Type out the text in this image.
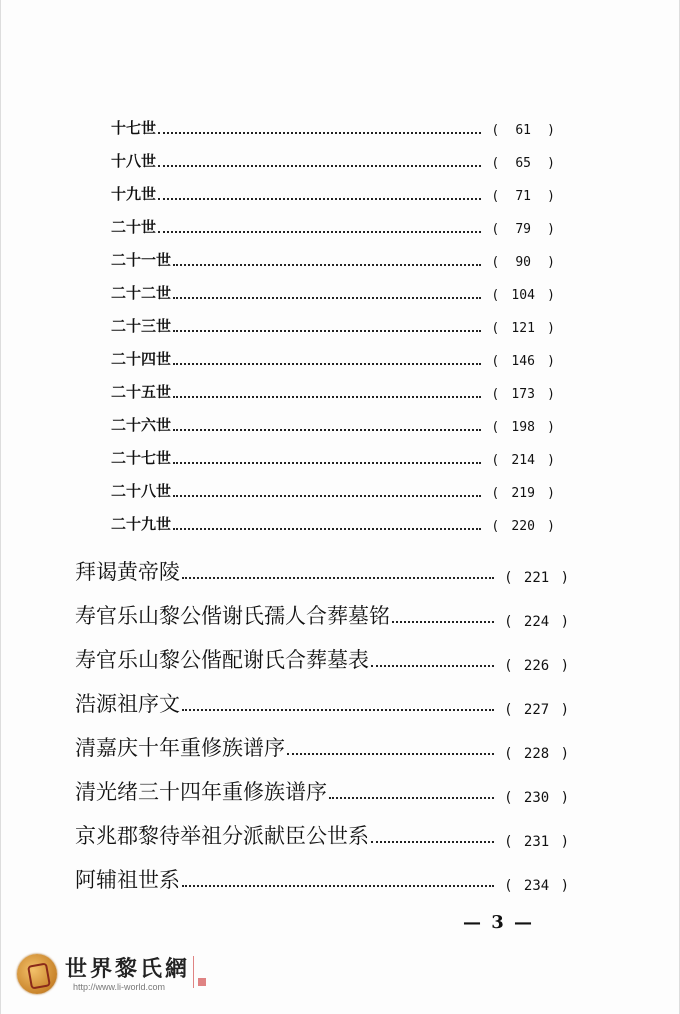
十七世	(	61	)
十八世	(	65	)
十九世	(	71	)
二十世	(	79	)
二十一世	(	90	)
二十二世	( 104 )
二十三世	( 121 )
二十四世	( 146 )
二十五世	( 173 )
二十六世	( 198 )
二十七世	( 214 )
二十八世	( 219 )
二十九世	( 220 )
拜谒黄帝陵	( 221 )
寿官乐山黎公偕谢氏孺人合葬墓铭	( 224 )
寿官乐山黎公偕配谢氏合葬墓表	( 226 )
浩源祖序文	( 227 )
清嘉庆十年重修族谱序	( 228 )
清光绪三十四年重修族谱序	( 230 )
京兆郡黎待举祖分派献臣公世系	( 231 )
阿辅祖世系	( 234 )
— 3 —
世界黎氏網
http://www.li-world.com
